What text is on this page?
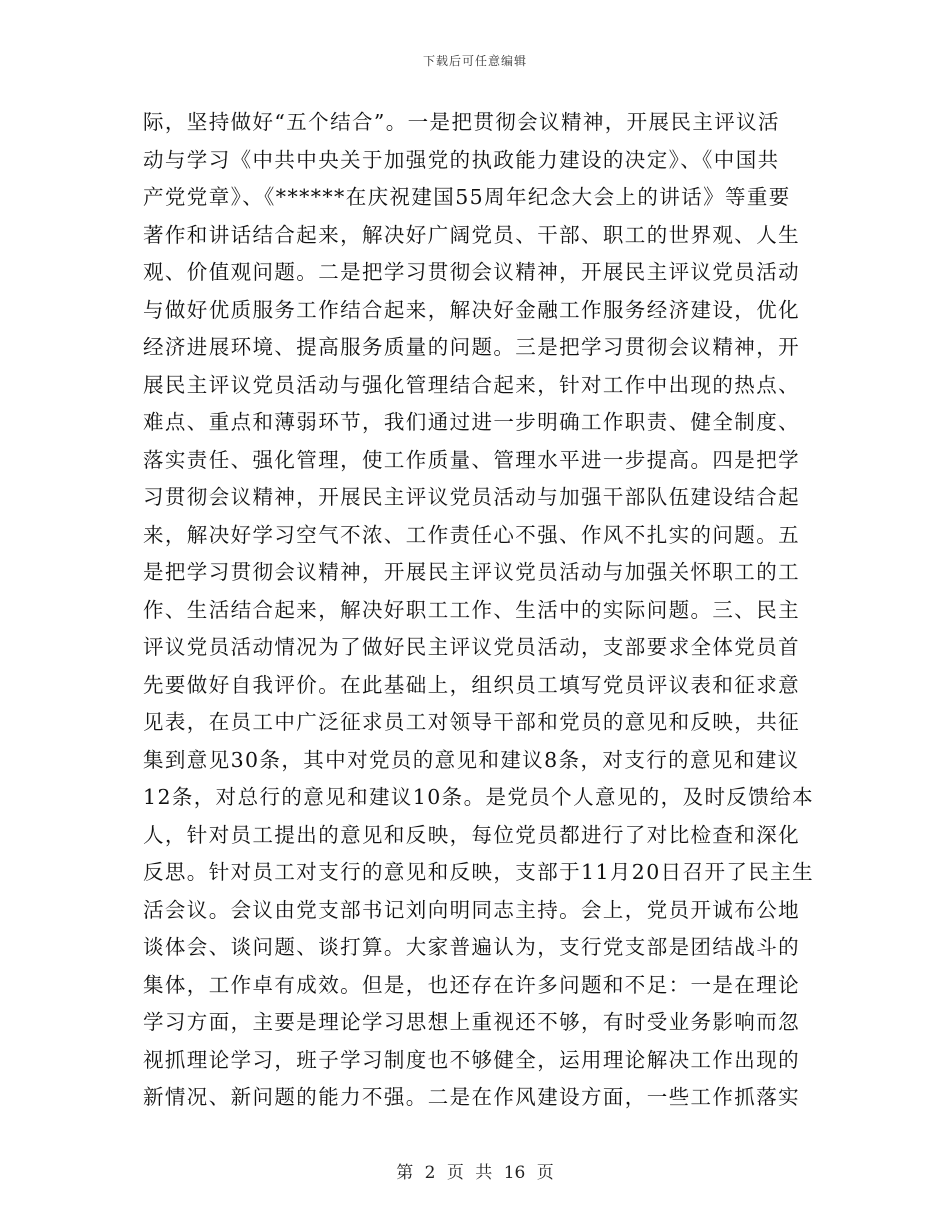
下载后可任意编辑
际，坚持做好“五个结合”。一是把贯彻会议精神，开展民主评议活
动与学习《中共中央关于加强党的执政能力建设的决定》、《中国共
产党党章》、《******在庆祝建国55周年纪念大会上的讲话》等重要
著作和讲话结合起来，解决好广阔党员、干部、职工的世界观、人生
观、价值观问题。二是把学习贯彻会议精神，开展民主评议党员活动
与做好优质服务工作结合起来，解决好金融工作服务经济建设，优化
经济进展环境、提高服务质量的问题。三是把学习贯彻会议精神，开
展民主评议党员活动与强化管理结合起来，针对工作中出现的热点、
难点、重点和薄弱环节，我们通过进一步明确工作职责、健全制度、
落实责任、强化管理，使工作质量、管理水平进一步提高。四是把学
习贯彻会议精神，开展民主评议党员活动与加强干部队伍建设结合起
来，解决好学习空气不浓、工作责任心不强、作风不扎实的问题。五
是把学习贯彻会议精神，开展民主评议党员活动与加强关怀职工的工
作、生活结合起来，解决好职工工作、生活中的实际问题。三、民主
评议党员活动情况为了做好民主评议党员活动，支部要求全体党员首
先要做好自我评价。在此基础上，组织员工填写党员评议表和征求意
见表，在员工中广泛征求员工对领导干部和党员的意见和反映，共征
集到意见30条，其中对党员的意见和建议8条，对支行的意见和建议
12条，对总行的意见和建议10条。是党员个人意见的，及时反馈给本
人，针对员工提出的意见和反映，每位党员都进行了对比检查和深化
反思。针对员工对支行的意见和反映，支部于11月20日召开了民主生
活会议。会议由党支部书记刘向明同志主持。会上，党员开诚布公地
谈体会、谈问题、谈打算。大家普遍认为，支行党支部是团结战斗的
集体，工作卓有成效。但是，也还存在许多问题和不足：一是在理论
学习方面，主要是理论学习思想上重视还不够，有时受业务影响而忽
视抓理论学习，班子学习制度也不够健全，运用理论解决工作出现的
新情况、新问题的能力不强。二是在作风建设方面，一些工作抓落实
第 2 页 共 16 页
